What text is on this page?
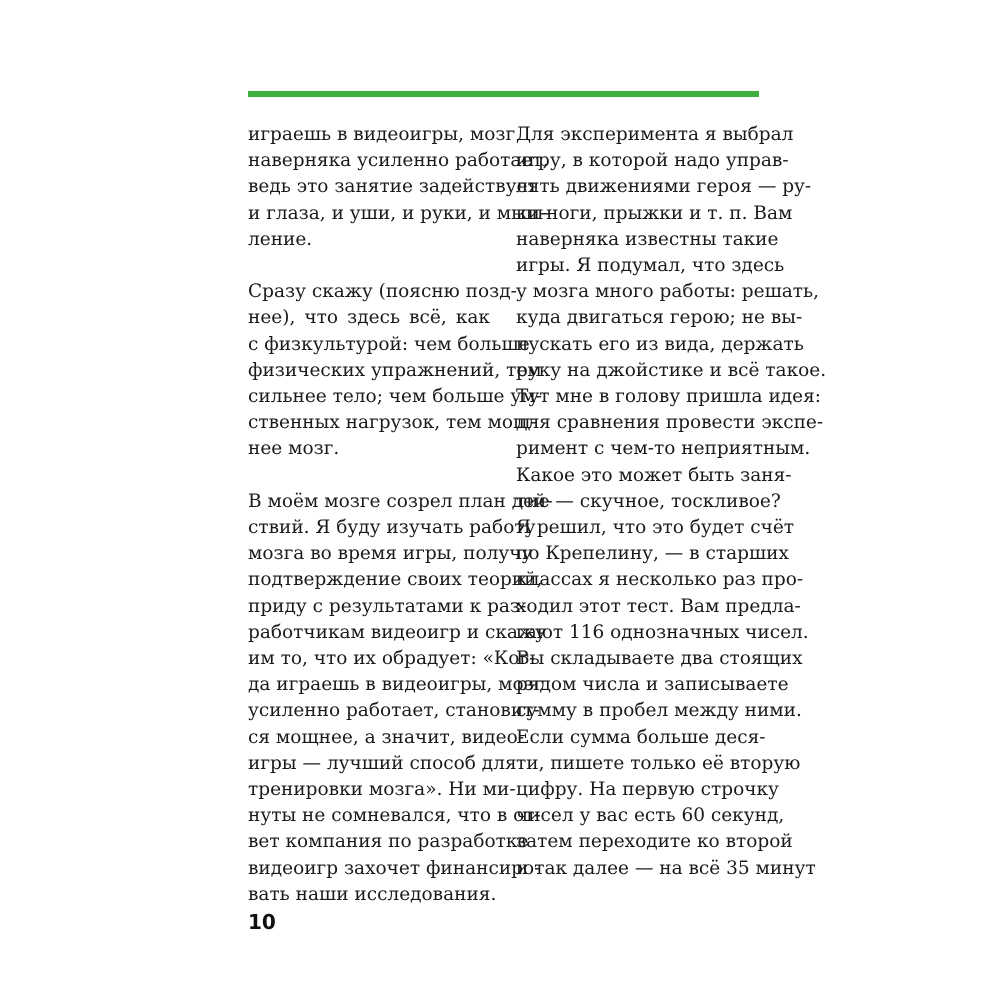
играешь в видеоигры, мозг
наверняка усиленно работает,
ведь это занятие задействует
и глаза, и уши, и руки, и мыш-
ление.
Сразу скажу (поясню позд-
нее), что здесь всё, как
с физкультурой: чем больше
физических упражнений, тем
сильнее тело; чем больше ум-
ственных нагрузок, тем мощ-
нее мозг.
В моём мозге созрел план дей-
ствий. Я буду изучать работу
мозга во время игры, получу
подтверждение своих теорий,
приду с результатами к раз-
работчикам видеоигр и скажу
им то, что их обрадует: «Ког-
да играешь в видеоигры, мозг
усиленно работает, становит-
ся мощнее, а значит, видео-
игры — лучший способ для
тренировки мозга». Ни ми-
нуты не сомневался, что в от-
вет компания по разработке
видеоигр захочет финансиро-
вать наши исследования.
Для эксперимента я выбрал
игру, в которой надо управ-
лять движениями героя — ру-
ки-ноги, прыжки и т. п. Вам
наверняка известны такие
игры. Я подумал, что здесь
у мозга много работы: решать,
куда двигаться герою; не вы-
пускать его из вида, держать
руку на джойстике и всё такое.
Тут мне в голову пришла идея:
для сравнения провести экспе-
римент с чем-то неприятным.
Какое это может быть заня-
тие — скучное, тоскливое?
Я решил, что это будет счёт
по Крепелину, — в старших
классах я несколько раз про-
ходил этот тест. Вам предла-
гают 116 однозначных чисел.
Вы складываете два стоящих
рядом числа и записываете
сумму в пробел между ними.
Если сумма больше деся-
ти, пишете только её вторую
цифру. На первую строчку
чисел у вас есть 60 секунд,
затем переходите ко второй
и так далее — на всё 35 минут
10
